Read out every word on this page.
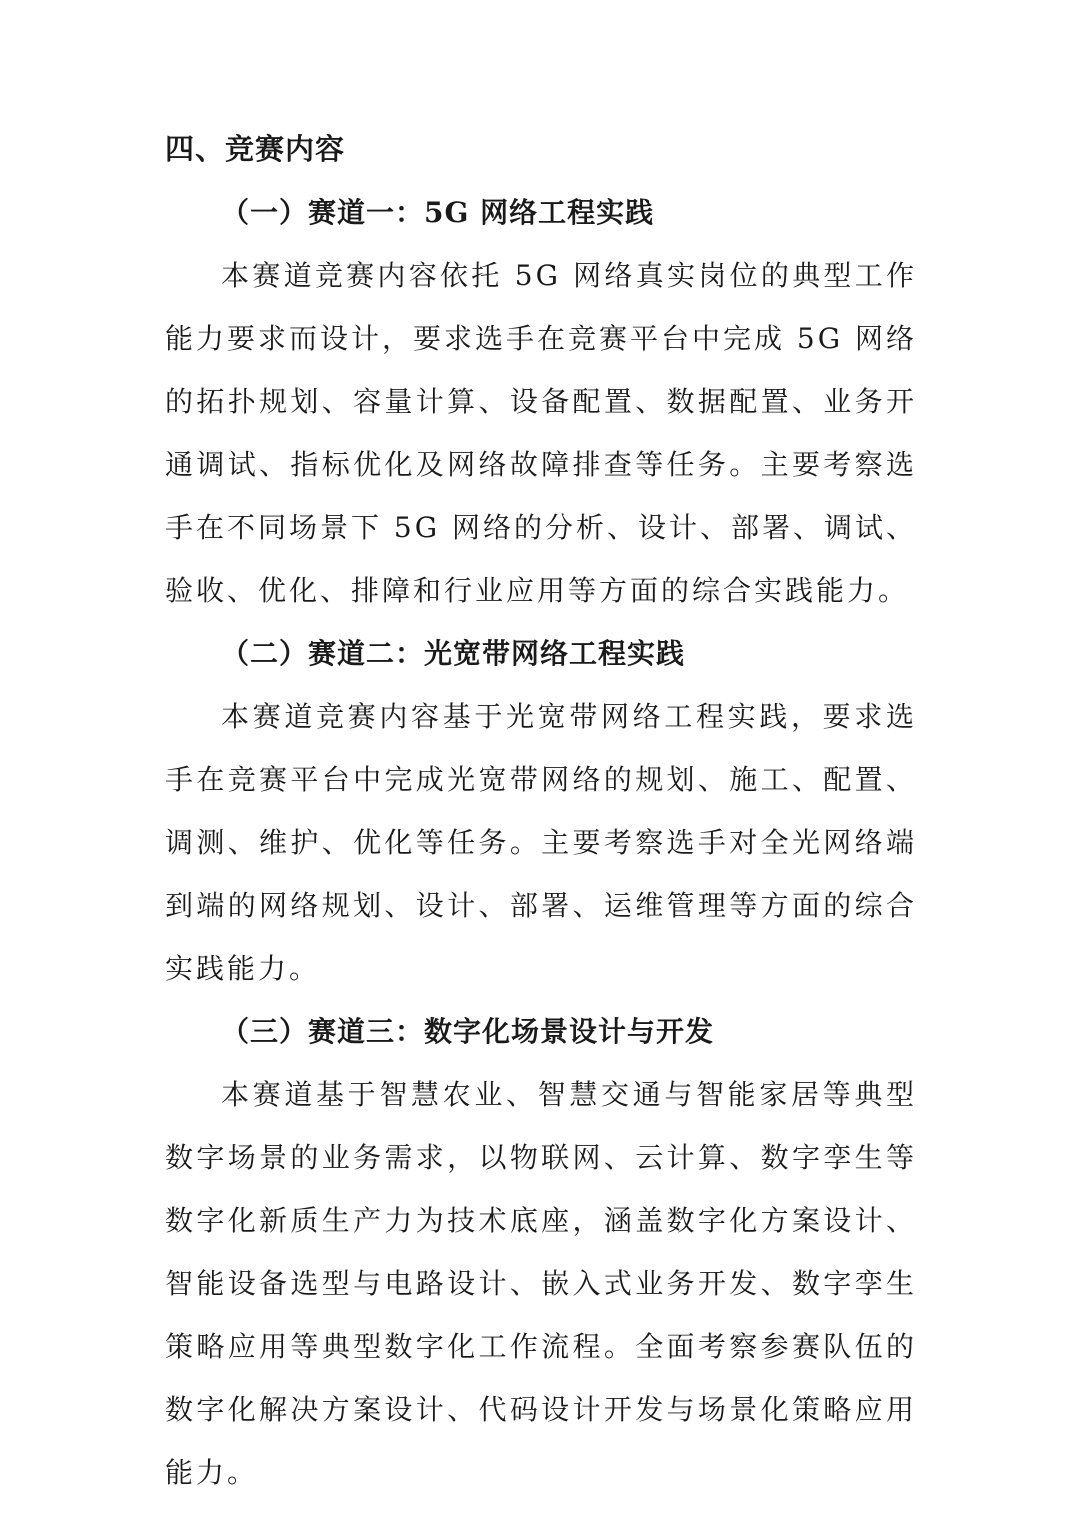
四、竞赛内容
（一）赛道一：5G 网络工程实践

本赛道竞赛内容依托 5G 网络真实岗位的典型工作能力要求而设计，要求选手在竞赛平台中完成 5G 网络的拓扑规划、容量计算、设备配置、数据配置、业务开通调试、指标优化及网络故障排查等任务。主要考察选手在不同场景下 5G 网络的分析、设计、部署、调试、验收、优化、排障和行业应用等方面的综合实践能力。

（二）赛道二：光宽带网络工程实践

本赛道竞赛内容基于光宽带网络工程实践，要求选手在竞赛平台中完成光宽带网络的规划、施工、配置、调测、维护、优化等任务。主要考察选手对全光网络端到端的网络规划、设计、部署、运维管理等方面的综合实践能力。

（三）赛道三：数字化场景设计与开发

本赛道基于智慧农业、智慧交通与智能家居等典型数字场景的业务需求，以物联网、云计算、数字孪生等数字化新质生产力为技术底座，涵盖数字化方案设计、智能设备选型与电路设计、嵌入式业务开发、数字孪生策略应用等典型数字化工作流程。全面考察参赛队伍的数字化解决方案设计、代码设计开发与场景化策略应用能力。
